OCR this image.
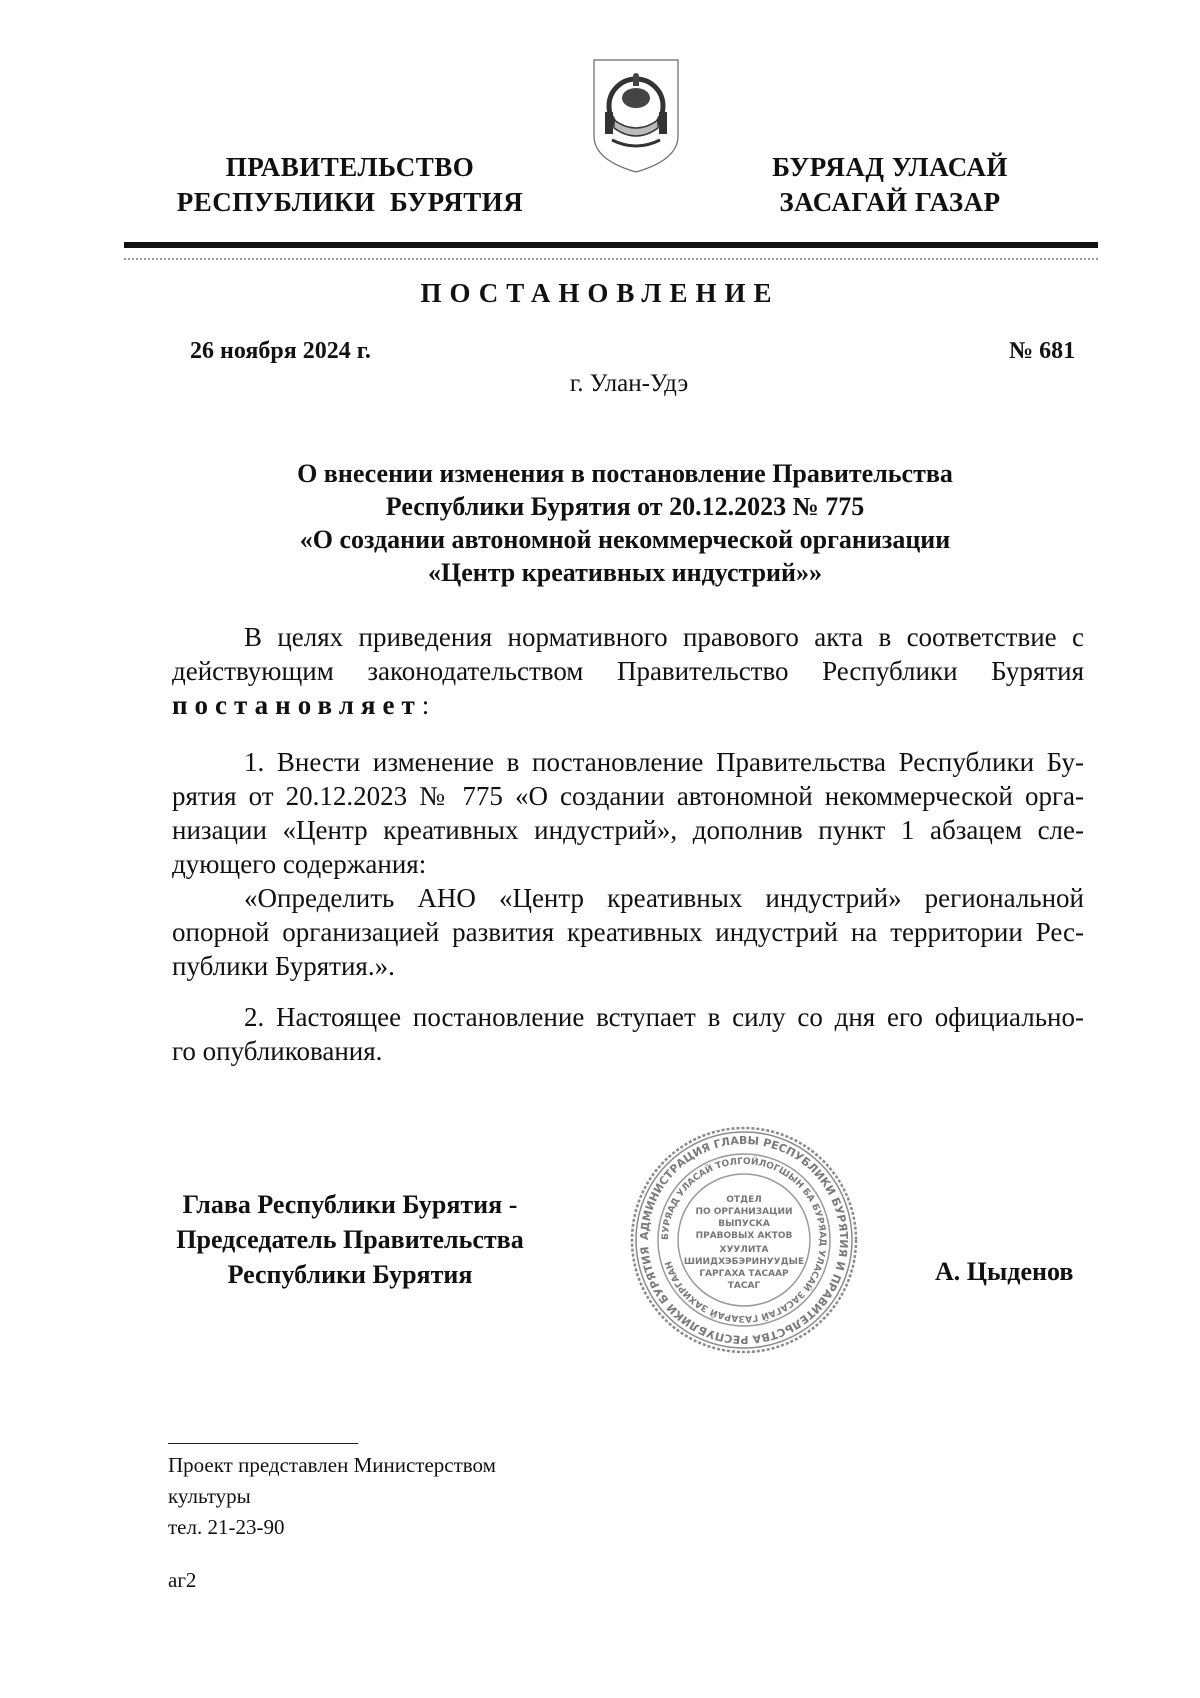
ПРАВИТЕЛЬСТВО
РЕСПУБЛИКИ  БУРЯТИЯ
БУРЯАД УЛАСАЙ
ЗАСАГАЙ ГАЗАР
ПОСТАНОВЛЕНИЕ
26 ноября 2024 г.	№ 681
г. Улан-Удэ
О внесении изменения в постановление Правительства
Республики Бурятия от 20.12.2023 № 775
«О создании автономной некоммерческой организации
«Центр креативных индустрий»»
В целях приведения нормативного правового акта в соответствие с
действующим законодательством Правительство Республики Бурятия
постановляет:
1. Внести изменение в постановление Правительства Республики Бу-
рятия от 20.12.2023 № 775 «О создании автономной некоммерческой орга-
низации «Центр креативных индустрий», дополнив пункт 1 абзацем сле-
дующего содержания:
«Определить АНО «Центр креативных индустрий» региональной
опорной организацией развития креативных индустрий на территории Рес-
публики Бурятия.».
2. Настоящее постановление вступает в силу со дня его официально-
го опубликования.
Глава Республики Бурятия -
Председатель Правительства
Республики Бурятия
АДМИНИСТРАЦИЯ ГЛАВЫ РЕСПУБЛИКИ БУРЯТИЯ И ПРАВИТЕЛЬСТВА РЕСПУБЛИКИ БУРЯТИЯ
БУРЯАД УЛАСАЙ ТОЛГОЙЛОГШЫН БА БУРЯАД УЛАСАЙ ЗАСАГАЙ ГАЗАРАЙ ЗАХИРГААН
ОТДЕЛ
ПО ОРГАНИЗАЦИИ
ВЫПУСКА
ПРАВОВЫХ АКТОВ
ХУУЛИТА
ШИИДХЭБЭРИНУУДЫЕ
ГАРГАХА ТАСААР
ТАСАГ	А. Цыденов
Проект представлен Министерством
культуры
тел. 21-23-90
аг2
